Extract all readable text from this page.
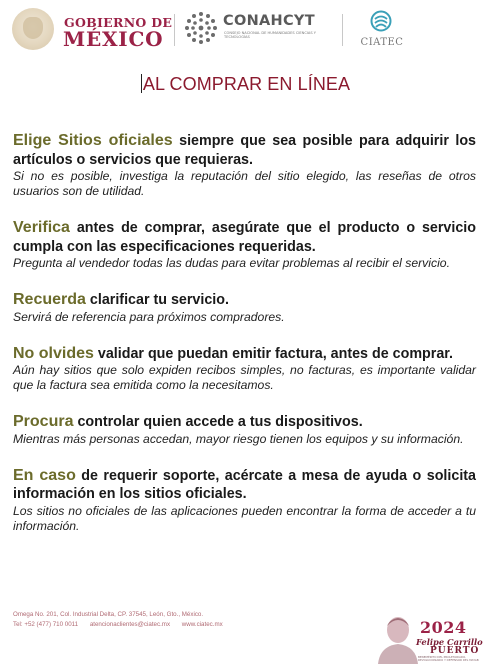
GOBIERNO DE
MÉXICO
CONAHCYT
CONSEJO NACIONAL DE HUMANIDADES CIENCIAS Y TECNOLOGÍAS	CIATEC
AL COMPRAR EN LÍNEA
Elige Sitios oficiales siempre que sea posible para adquirir los artículos o servicios que requieras.
Si no es posible, investiga la reputación del sitio elegido, las reseñas de otros usuarios son de utilidad.
Verifica antes de comprar, asegúrate que el producto o servicio cumpla con las especificaciones requeridas.
Pregunta al vendedor todas las dudas para evitar problemas al recibir el servicio.
Recuerda clarificar tu servicio.
Servirá de referencia para próximos compradores.
No olvides validar que puedan emitir factura, antes de comprar.
Aún hay sitios que solo expiden recibos simples, no facturas, es importante validar que la factura sea emitida como la necesitamos.
Procura controlar quien accede a tus dispositivos.
Mientras más personas accedan, mayor riesgo tienen los equipos y su información.
En caso de requerir soporte, acércate a mesa de ayuda o solicita información en los sitios oficiales.
Los sitios no oficiales de las aplicaciones pueden encontrar la forma de acceder a tu información.
Omega No. 201, Col. Industrial Delta, CP. 37545, León, Gto., México.
Tel: +52 (477) 710 0011 atencionaclientes@ciatec.mx www.ciatec.mx	2024
Felipe Carrillo
PUERTO
BENEMÉRITO DEL PROLETARIADO, REVOLUCIONARIO Y DEFENSOR DEL MAYAB
